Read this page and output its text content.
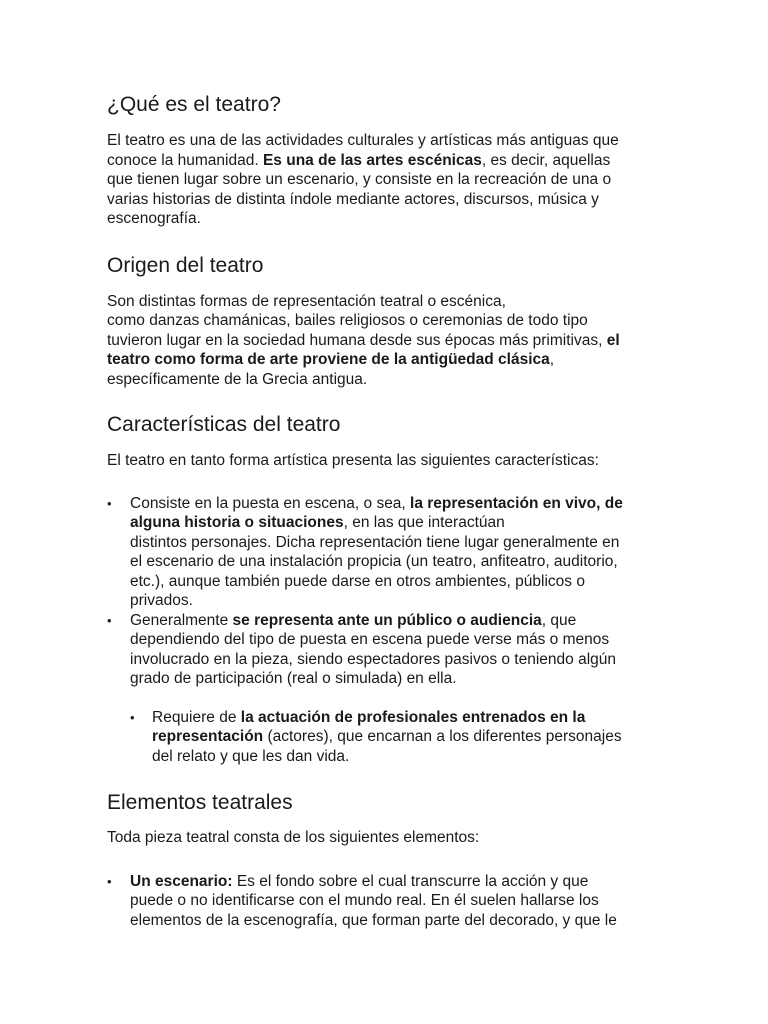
¿Qué es el teatro?

El teatro es una de las actividades culturales y artísticas más antiguas que

conoce la humanidad. Es una de las artes escénicas, es decir, aquellas

que tienen lugar sobre un escenario, y consiste en la recreación de una o

varias historias de distinta índole mediante actores, discursos, música y

escenografía.

Origen del teatro

Son distintas formas de representación teatral o escénica,

como danzas chamánicas, bailes religiosos o ceremonias de todo tipo

tuvieron lugar en la sociedad humana desde sus épocas más primitivas, el

teatro como forma de arte proviene de la antigüedad clásica,

específicamente de la Grecia antigua.

Características del teatro

El teatro en tanto forma artística presenta las siguientes características:

• Consiste en la puesta en escena, o sea, la representación en vivo, de

alguna historia o situaciones, en las que interactúan

distintos personajes. Dicha representación tiene lugar generalmente en

el escenario de una instalación propicia (un teatro, anfiteatro, auditorio,

etc.), aunque también puede darse en otros ambientes, públicos o

privados.

• Generalmente se representa ante un público o audiencia, que

dependiendo del tipo de puesta en escena puede verse más o menos

involucrado en la pieza, siendo espectadores pasivos o teniendo algún

grado de participación (real o simulada) en ella.

• Requiere de la actuación de profesionales entrenados en la

representación (actores), que encarnan a los diferentes personajes

del relato y que les dan vida.

Elementos teatrales

Toda pieza teatral consta de los siguientes elementos:

• Un escenario: Es el fondo sobre el cual transcurre la acción y que

puede o no identificarse con el mundo real. En él suelen hallarse los

elementos de la escenografía, que forman parte del decorado, y que le
